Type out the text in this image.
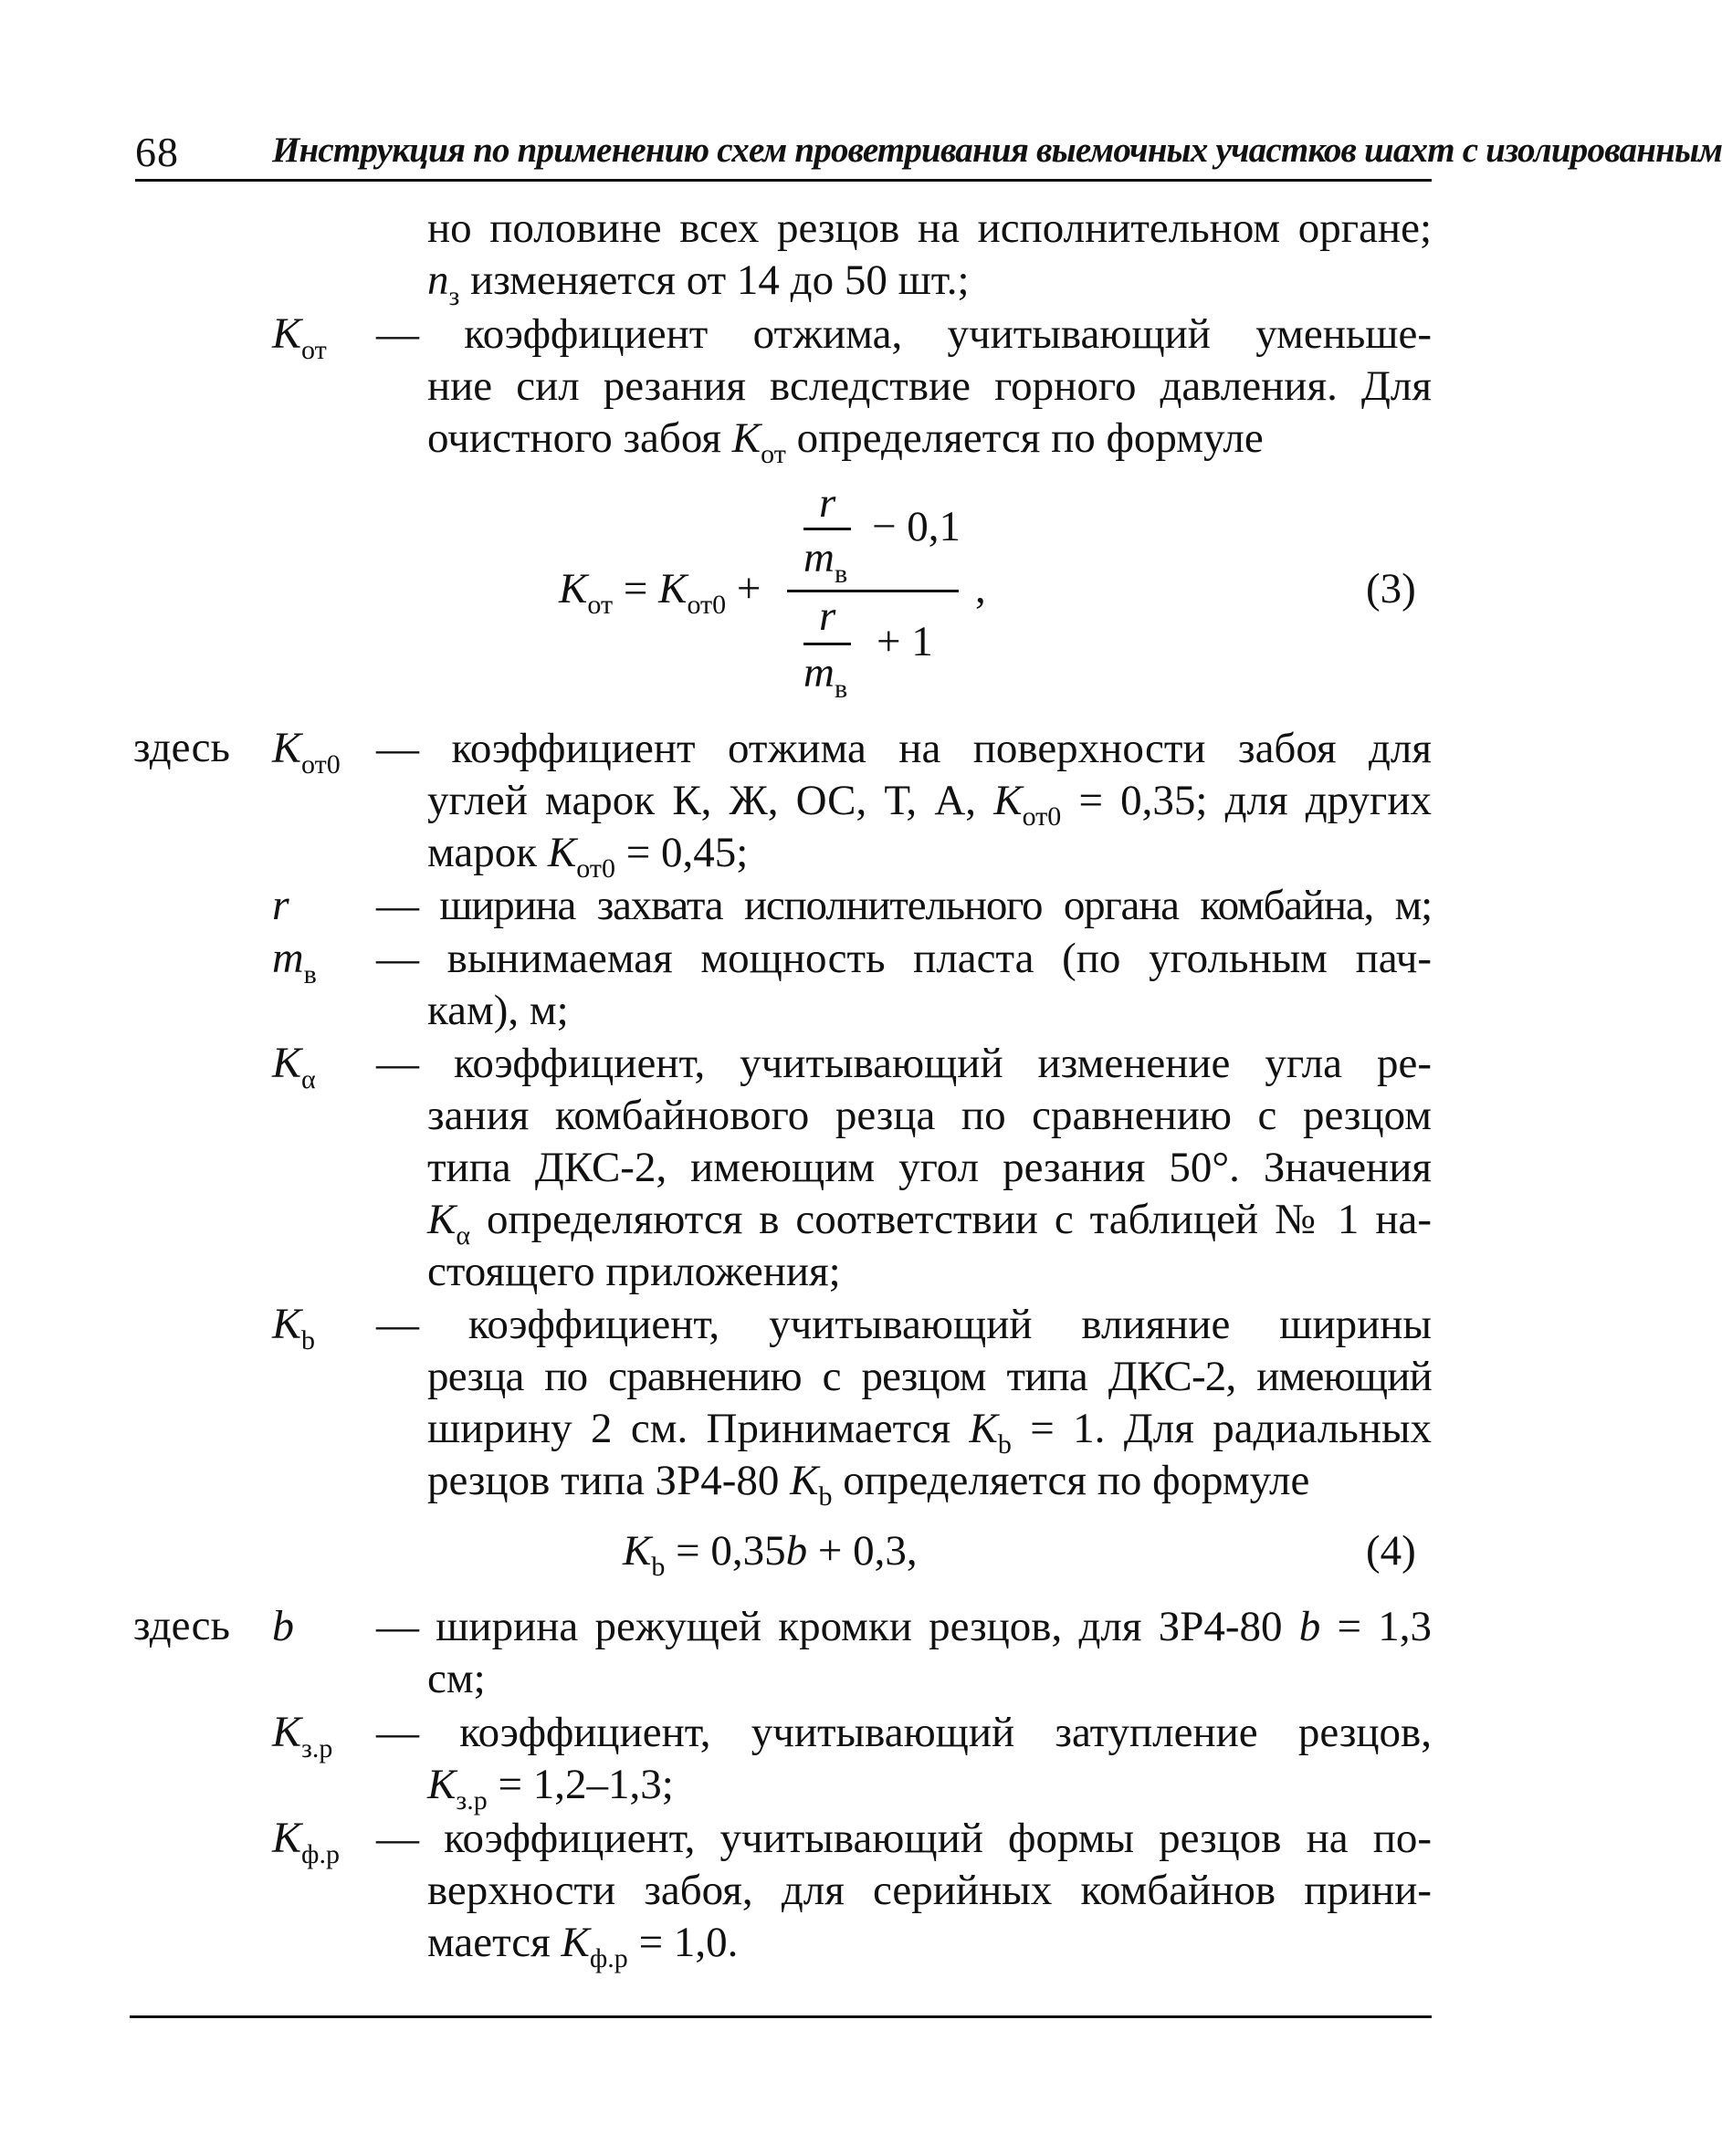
68	Инструкция по применению схем проветривания выемочных участков шахт с изолированным
но половине всех резцов на исполнительном органе;
$n_з$ изменяется от 14 до 50 шт.;
$K_{от}$ — коэффициент отжима, учитывающий уменьше-
ние сил резания вследствие горного давления. Для
очистного забоя $K_{от}$ определяется по формуле
$K_{от} = K_{от0}$ +
r − 0,1
$m_в$
r
+ 1
$m_в$
,	(3)
здесь $K_{от0}$ — коэффициент отжима на поверхности забоя для
углей марок К, Ж, ОС, Т, А, $K_{от0} = 0,35$; для других
марок $K_{от0} = 0,45$;
r — ширина захвата исполнительного органа комбайна, м;
$m_в$ — вынимаемая мощность пласта (по угольным пач-
кам), м;
$K_\alpha$ — коэффициент, учитывающий изменение угла ре-
зания комбайнового резца по сравнению с резцом
типа ДКС-2, имеющим угол резания 50°. Значения
$K_\alpha$ определяются в соответствии с таблицей № 1 на-
стоящего приложения;
$K_b$ — коэффициент, учитывающий влияние ширины
резца по сравнению с резцом типа ДКС-2, имеющий
ширину 2 см. Принимается $K_b = 1$. Для радиальных
резцов типа ЗР4-80 $K_b$ определяется по формуле
$K_b = 0,35b + 0,3$,	(4)
здесь b — ширина режущей кромки резцов, для ЗР4-80 b = 1,3
см;
$K_{з.р}$ — коэффициент, учитывающий затупление резцов,
$K_{з.р} = 1,2-1,3$;
$K_{ф.р}$ — коэффициент, учитывающий формы резцов на по-
верхности забоя, для серийных комбайнов прини-
мается $K_{ф.р} = 1,0$.
